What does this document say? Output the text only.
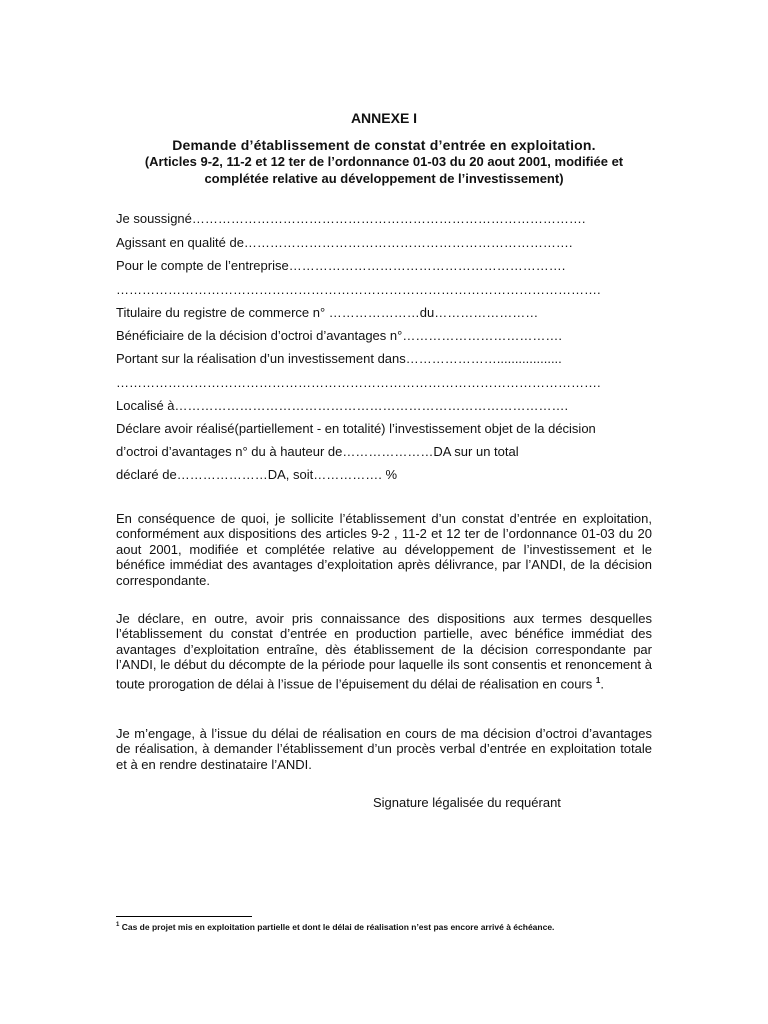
ANNEXE I
Demande d’établissement de constat d’entrée en exploitation.
(Articles 9-2, 11-2 et 12 ter de l’ordonnance 01-03 du 20 aout 2001, modifiée et
complétée relative au développement de l’investissement)
Je soussigné……………………………………………………………………………….
Agissant en qualité de………………………………………………………………….
Pour le compte de l’entreprise……………………………………………………….
………………………………………………………………………………………………….
Titulaire du registre de commerce n° …………………du……………………
Bénéficiaire de la décision d’octroi d’avantages n°……………………………….
Portant sur la réalisation d’un investissement dans…………………..................
………………………………………………………………………………………………….
Localisé à……………………………………………………………………………….
Déclare avoir réalisé(partiellement - en totalité) l’investissement objet de la décision
d’octroi d’avantages n° du à hauteur de…………………DA sur un total
déclaré de…………………DA, soit……………. %
En conséquence de quoi, je sollicite l’établissement d’un constat d’entrée en exploitation, conformément aux dispositions des articles 9-2 , 11-2 et 12 ter de l’ordonnance 01-03 du 20 aout 2001, modifiée et complétée relative au développement de l’investissement et le bénéfice immédiat des avantages d’exploitation après délivrance, par l’ANDI, de la décision correspondante.
Je déclare, en outre, avoir pris connaissance des dispositions aux termes desquelles l’établissement du constat d’entrée en production partielle, avec bénéfice immédiat des avantages d’exploitation entraîne, dès établissement de la décision correspondante par l’ANDI, le début du décompte de la période pour laquelle ils sont consentis et renoncement à toute prorogation de délai à l’issue de l’épuisement du délai de réalisation en cours $^1$.
Je m’engage, à l’issue du délai de réalisation en cours de ma décision d’octroi d’avantages de réalisation, à demander l’établissement d’un procès verbal d’entrée en exploitation totale et à en rendre destinataire l’ANDI.
Signature légalisée du requérant
$^1$ Cas de projet mis en exploitation partielle et dont le délai de réalisation n’est pas encore arrivé à échéance.
